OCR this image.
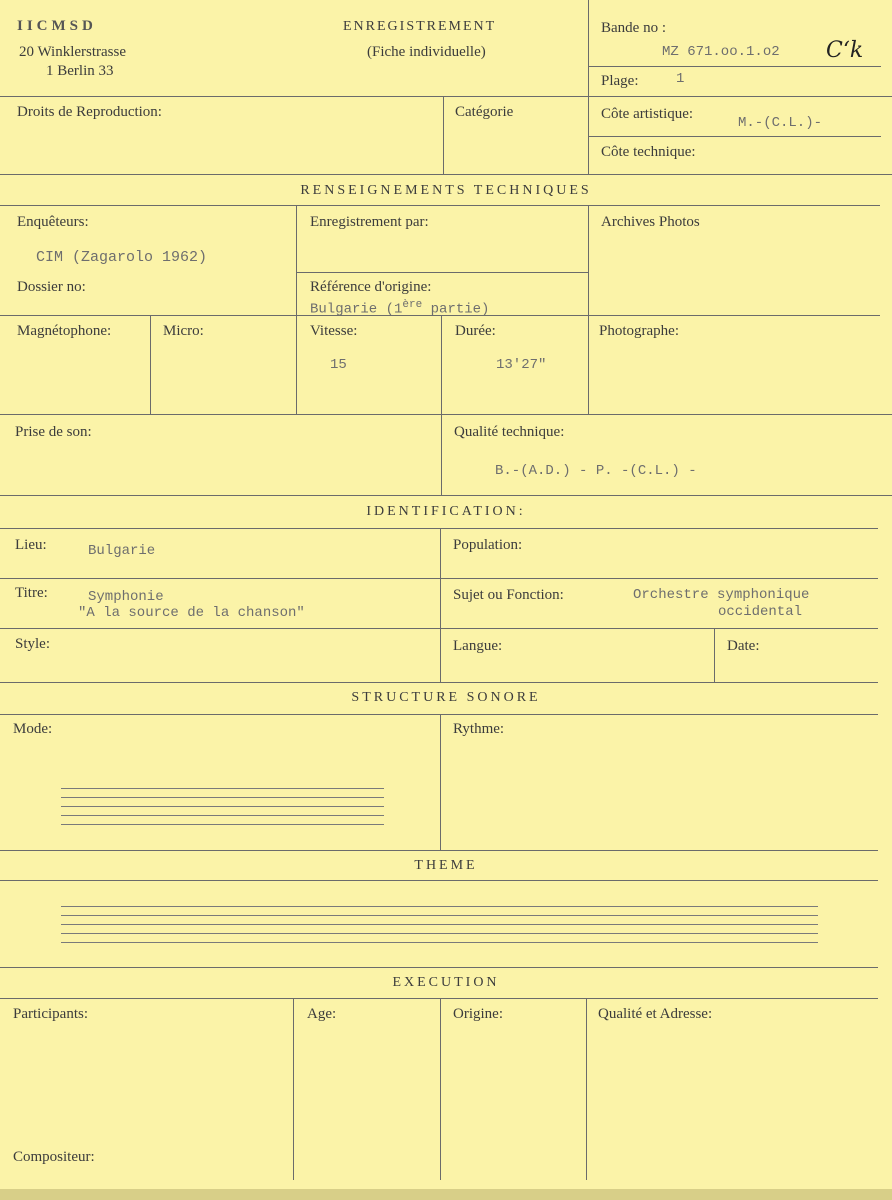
IICMSD
20 Winklerstrasse
1 Berlin 33
ENREGISTREMENT
(Fiche individuelle)
Bande no :
MZ 671.oo.1.o2 C‘k
Plage:	1
Droits de Reproduction:	Catégorie	Côte artistique:
M.-(C.L.)-
Côte technique:
RENSEIGNEMENTS TECHNIQUES
Enquêteurs:
CIM (Zagarolo 1962)
Enregistrement par:	Archives Photos
Dossier no:	Référence d'origine:
Bulgarie (1ère partie)
Magnétophone:	Micro:	Vitesse:
15
Durée:
13'27"
Photographe:
Prise de son:	Qualité technique:
B.-(A.D.) - P. -(C.L.) -
IDENTIFICATION:
Lieu:	Bulgarie	Population:
Titre:	Symphonie
"A la source de la chanson"
Sujet ou Fonction:	Orchestre symphonique
occidental
Style:	Langue:	Date:
STRUCTURE SONORE
Mode:	Rythme:
THEME
EXECUTION
Participants:	Age:	Origine:	Qualité et Adresse:
Compositeur:
